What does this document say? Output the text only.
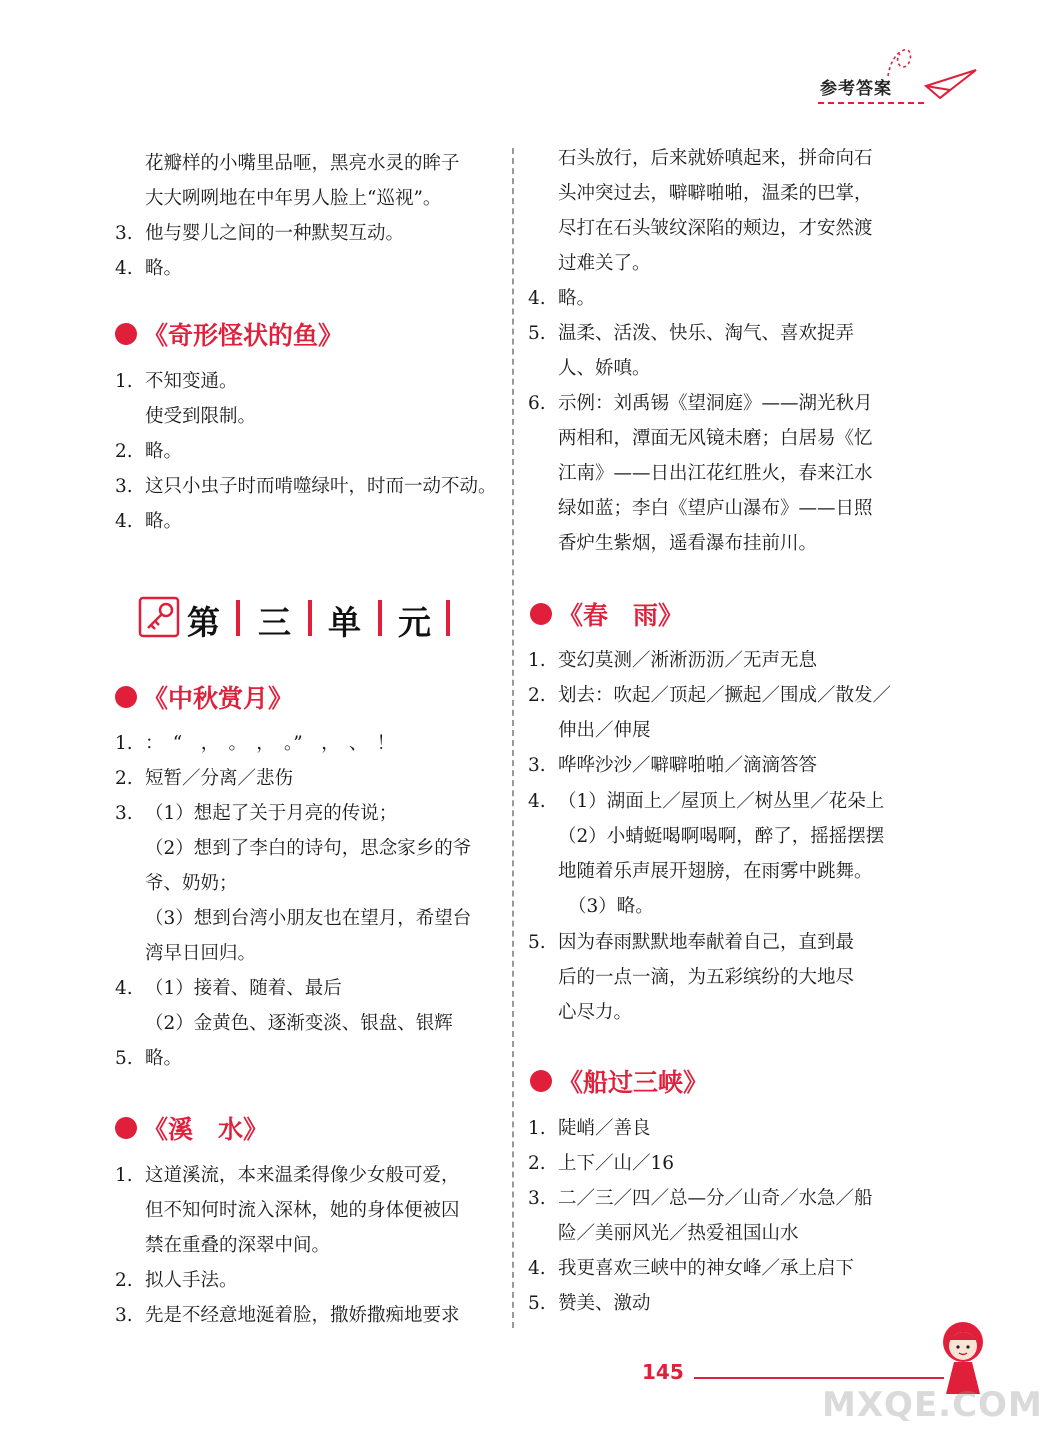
参考答案
花瓣样的小嘴里品咂，黑亮水灵的眸子
大大咧咧地在中年男人脸上“巡视”。
3. 他与婴儿之间的一种默契互动。
4. 略。
《奇形怪状的鱼》
1. 不知变通。
使受到限制。
2. 略。
3. 这只小虫子时而啃噬绿叶，时而一动不动。
4. 略。
第 三 单 元
《中秋赏月》
1. ：　“　，　。　，　。”　，　、　！
2. 短暂／分离／悲伤
3. （1）想起了关于月亮的传说；
（2）想到了李白的诗句，思念家乡的爷
爷、奶奶；
（3）想到台湾小朋友也在望月，希望台
湾早日回归。
4. （1）接着、随着、最后
（2）金黄色、逐渐变淡、银盘、银辉
5. 略。
《溪　水》
1. 这道溪流，本来温柔得像少女般可爱，
但不知何时流入深林，她的身体便被囚
禁在重叠的深翠中间。
2. 拟人手法。
3. 先是不经意地涎着脸，撒娇撒痴地要求
石头放行，后来就娇嗔起来，拼命向石
头冲突过去，噼噼啪啪，温柔的巴掌，
尽打在石头皱纹深陷的颊边，才安然渡
过难关了。
4. 略。
5. 温柔、活泼、快乐、淘气、喜欢捉弄
人、娇嗔。
6. 示例：刘禹锡《望洞庭》——湖光秋月
两相和，潭面无风镜未磨；白居易《忆
江南》——日出江花红胜火，春来江水
绿如蓝；李白《望庐山瀑布》——日照
香炉生紫烟，遥看瀑布挂前川。
《春　雨》
1. 变幻莫测／淅淅沥沥／无声无息
2. 划去：吹起／顶起／撅起／围成／散发／
伸出／伸展
3. 哗哗沙沙／噼噼啪啪／滴滴答答
4. （1）湖面上／屋顶上／树丛里／花朵上
（2）小蜻蜓喝啊喝啊，醉了，摇摇摆摆
地随着乐声展开翅膀，在雨雾中跳舞。
（3）略。
5. 因为春雨默默地奉献着自己，直到最
后的一点一滴，为五彩缤纷的大地尽
心尽力。
《船过三峡》
1. 陡峭／善良
2. 上下／山／16
3. 二／三／四／总—分／山奇／水急／船
险／美丽风光／热爱祖国山水
4. 我更喜欢三峡中的神女峰／承上启下
5. 赞美、激动
145
MXQE.COM
